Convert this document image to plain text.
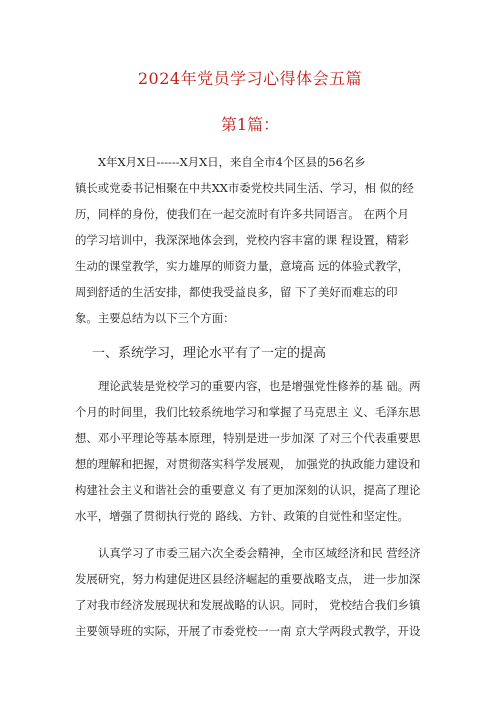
2024年党员学习心得体会五篇
第1篇：
X年X月X日------X月X日，来自全市4个区县的56名乡
镇长或党委书记相聚在中共XX市委党校共同生活、学习，相 似的经
历，同样的身份，使我们在一起交流时有许多共同语言。 在两个月
的学习培训中，我深深地体会到，党校内容丰富的课 程设置，精彩
生动的课堂教学，实力雄厚的师资力量，意境高 远的体验式教学，
周到舒适的生活安排，都使我受益良多，留 下了美好而难忘的印
象。主要总结为以下三个方面：
一、系统学习，理论水平有了一定的提高
理论武装是党校学习的重要内容，也是增强党性修养的基 础。两
个月的时间里，我们比较系统地学习和掌握了马克思主 义、毛泽东思
想、邓小平理论等基本原理，特别是进一步加深 了对三个代表重要思
想的理解和把握，对贯彻落实科学发展观， 加强党的执政能力建设和
构建社会主义和谐社会的重要意义 有了更加深刻的认识，提高了理论
水平，增强了贯彻执行党的 路线、方针、政策的自觉性和坚定性。
认真学习了市委三届六次全委会精神，全市区域经济和民 营经济
发展研究，努力构建促进区县经济崛起的重要战略支点， 进一步加深
了对我市经济发展现状和发展战略的认识。同时， 党校结合我们乡镇
主要领导班的实际，开展了市委党校一一南 京大学两段式教学，开设
